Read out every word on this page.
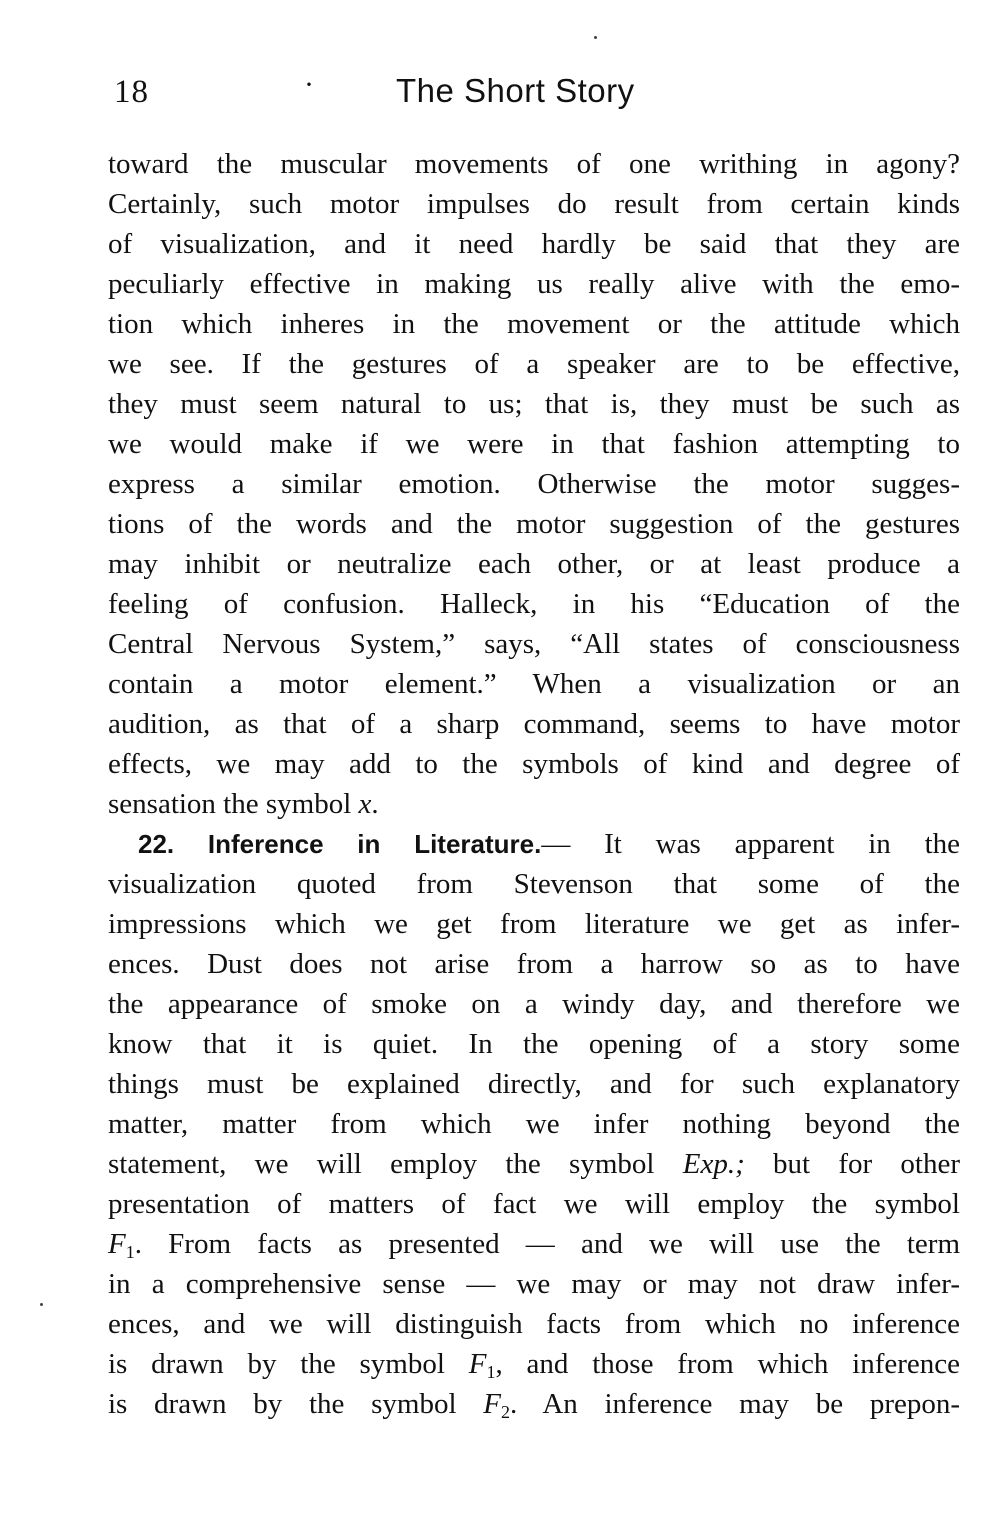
18	· The Short Story
toward the muscular movements of one writhing in agony?
Certainly, such motor impulses do result from certain kinds
of visualization, and it need hardly be said that they are
peculiarly effective in making us really alive with the emo-
tion which inheres in the movement or the attitude which
we see. If the gestures of a speaker are to be effective,
they must seem natural to us; that is, they must be such as
we would make if we were in that fashion attempting to
express a similar emotion. Otherwise the motor sugges-
tions of the words and the motor suggestion of the gestures
may inhibit or neutralize each other, or at least produce a
feeling of confusion. Halleck, in his “Education of the
Central Nervous System,” says, “All states of consciousness
contain a motor element.” When a visualization or an
audition, as that of a sharp command, seems to have motor
effects, we may add to the symbols of kind and degree of
sensation the symbol x.
22. Inference in Literature.— It was apparent in the
visualization quoted from Stevenson that some of the
impressions which we get from literature we get as infer-
ences. Dust does not arise from a harrow so as to have
the appearance of smoke on a windy day, and therefore we
know that it is quiet. In the opening of a story some
things must be explained directly, and for such explanatory
matter, matter from which we infer nothing beyond the
statement, we will employ the symbol Exp.; but for other
presentation of matters of fact we will employ the symbol
$F_1$. From facts as presented — and we will use the term
in a comprehensive sense — we may or may not draw infer-
ences, and we will distinguish facts from which no inference
is drawn by the symbol $F_1$, and those from which inference
is drawn by the symbol $F_2$. An inference may be prepon-
